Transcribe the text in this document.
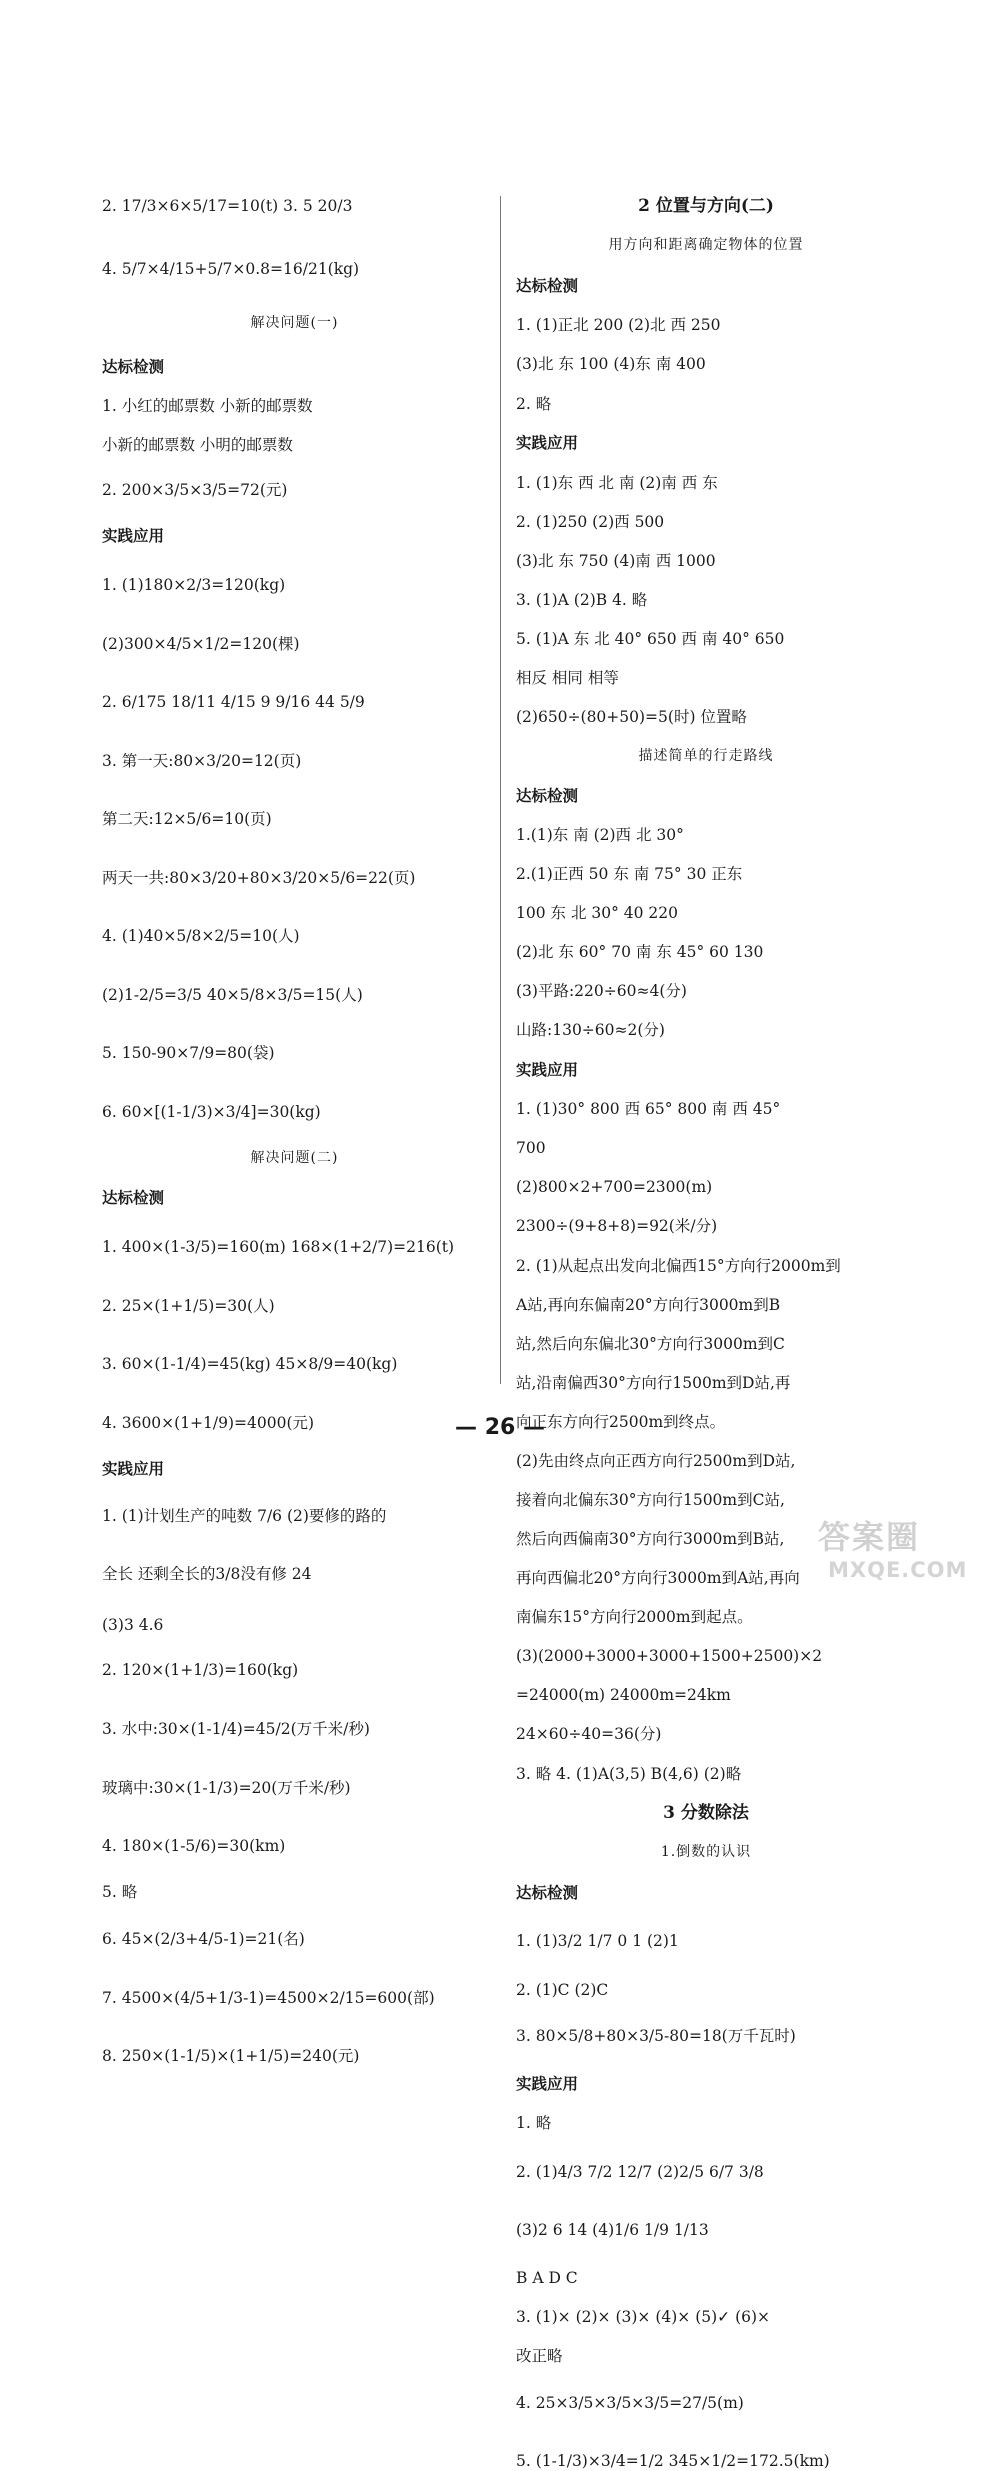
2. 17/3×6×5/17=10(t) 3. 5 20/3
4. 5/7×4/15+5/7×0.8=16/21(kg)
解决问题(一)
达标检测
1. 小红的邮票数 小新的邮票数
小新的邮票数 小明的邮票数
2. 200×3/5×3/5=72(元)
实践应用
1. (1)180×2/3=120(kg)
(2)300×4/5×1/2=120(棵)
2. 6/175 18/11 4/15 9 9/16 44 5/9
3. 第一天:80×3/20=12(页)
第二天:12×5/6=10(页)
两天一共:80×3/20+80×3/20×5/6=22(页)
4. (1)40×5/8×2/5=10(人)
(2)1-2/5=3/5 40×5/8×3/5=15(人)
5. 150-90×7/9=80(袋)
6. 60×[(1-1/3)×3/4]=30(kg)
解决问题(二)
达标检测
1. 400×(1-3/5)=160(m) 168×(1+2/7)=216(t)
2. 25×(1+1/5)=30(人)
3. 60×(1-1/4)=45(kg) 45×8/9=40(kg)
4. 3600×(1+1/9)=4000(元)
实践应用
1. (1)计划生产的吨数 7/6 (2)要修的路的
全长 还剩全长的3/8没有修 24
(3)3 4.6
2. 120×(1+1/3)=160(kg)
3. 水中:30×(1-1/4)=45/2(万千米/秒)
玻璃中:30×(1-1/3)=20(万千米/秒)
4. 180×(1-5/6)=30(km)
5. 略
6. 45×(2/3+4/5-1)=21(名)
7. 4500×(4/5+1/3-1)=4500×2/15=600(部)
8. 250×(1-1/5)×(1+1/5)=240(元)
2 位置与方向(二)
用方向和距离确定物体的位置
达标检测
1. (1)正北 200 (2)北 西 250
(3)北 东 100 (4)东 南 400
2. 略
实践应用
1. (1)东 西 北 南 (2)南 西 东
2. (1)250 (2)西 500
(3)北 东 750 (4)南 西 1000
3. (1)A (2)B 4. 略
5. (1)A 东 北 40° 650 西 南 40° 650
相反 相同 相等
(2)650÷(80+50)=5(时) 位置略
描述简单的行走路线
达标检测
1.(1)东 南 (2)西 北 30°
2.(1)正西 50 东 南 75° 30 正东
100 东 北 30° 40 220
(2)北 东 60° 70 南 东 45° 60 130
(3)平路:220÷60≈4(分)
山路:130÷60≈2(分)
实践应用
1. (1)30° 800 西 65° 800 南 西 45°
700
(2)800×2+700=2300(m)
2300÷(9+8+8)=92(米/分)
2. (1)从起点出发向北偏西15°方向行2000m到
A站,再向东偏南20°方向行3000m到B
站,然后向东偏北30°方向行3000m到C
站,沿南偏西30°方向行1500m到D站,再
向正东方向行2500m到终点。
(2)先由终点向正西方向行2500m到D站,
接着向北偏东30°方向行1500m到C站,
然后向西偏南30°方向行3000m到B站,
再向西偏北20°方向行3000m到A站,再向
南偏东15°方向行2000m到起点。
(3)(2000+3000+3000+1500+2500)×2
=24000(m) 24000m=24km
24×60÷40=36(分)
3. 略 4. (1)A(3,5) B(4,6) (2)略
3 分数除法
1.倒数的认识
达标检测
1. (1)3/2 1/7 0 1 (2)1
2. (1)C (2)C
3. 80×5/8+80×3/5-80=18(万千瓦时)
实践应用
1. 略
2. (1)4/3 7/2 12/7 (2)2/5 6/7 3/8
(3)2 6 14 (4)1/6 1/9 1/13
B A D C
3. (1)× (2)× (3)× (4)× (5)✓ (6)×
改正略
4. 25×3/5×3/5×3/5=27/5(m)
5. (1-1/3)×3/4=1/2 345×1/2=172.5(km)
— 26 —
答案圈
MXQE.COM
